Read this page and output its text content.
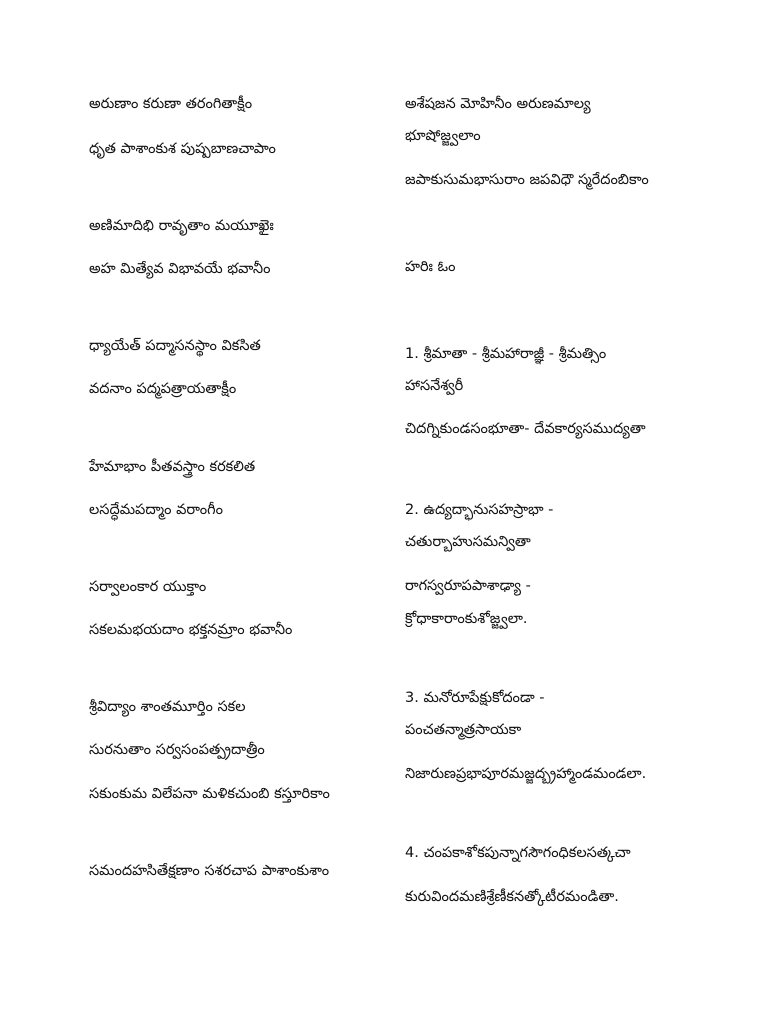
అరుణాం కరుణా తరంగితాక్షీం
ధృత పాశాంకుశ పుష్పబాణచాపాం
అణిమాదిభి రావృతాం మయూఖైః
అహ మిత్యేవ విభావయే భవానీం
ధ్యాయేత్ పద్మాసనస్థాం వికసిత
వదనాం పద్మపత్రాయతాక్షీం
హేమాభాం పీతవస్త్రాం కరకలిత
లసద్ధేమపద్మాం వరాంగీం
సర్వాలంకార యుక్తాం
సకలమభయదాం భక్తనమ్రాం భవానీం
శ్రీవిద్యాం శాంతమూర్తిం సకల
సురనుతాం సర్వసంపత్ప్రదాత్రీం
సకుంకుమ విలేపనా మళికచుంబి కస్తూరికాం
సమందహసితేక్షణాం సశరచాప పాశాంకుశాం
అశేషజన మోహినీం అరుణమాల్య
భూషోజ్జ్వలాం
జపాకుసుమభాసురాం జపవిధౌ స్మరేదంబికాం
హరిః ఓం
1. శ్రీమాతా - శ్రీమహారాజ్ఞీ - శ్రీమత్సిం
హాసనేశ్వరీ
చిదగ్నికుండసంభూతా- దేవకార్యసముద్యతా
2. ఉద్యద్భానుసహస్రాభా -
చతుర్బాహుసమన్వితా
రాగస్వరూపపాశాఢ్యా -
క్రోధాకారాంకుశోజ్జ్వలా.
3. మనోరూపేక్షుకోదండా -
పంచతన్మాత్రసాయకా
నిజారుణప్రభాపూరమజ్జద్బ్రహ్మాండమండలా.
4. చంపకాశోకపున్నాగసౌగంధికలసత్కచా
కురువిందమణిశ్రేణీకనత్కోటీరమండితా.
